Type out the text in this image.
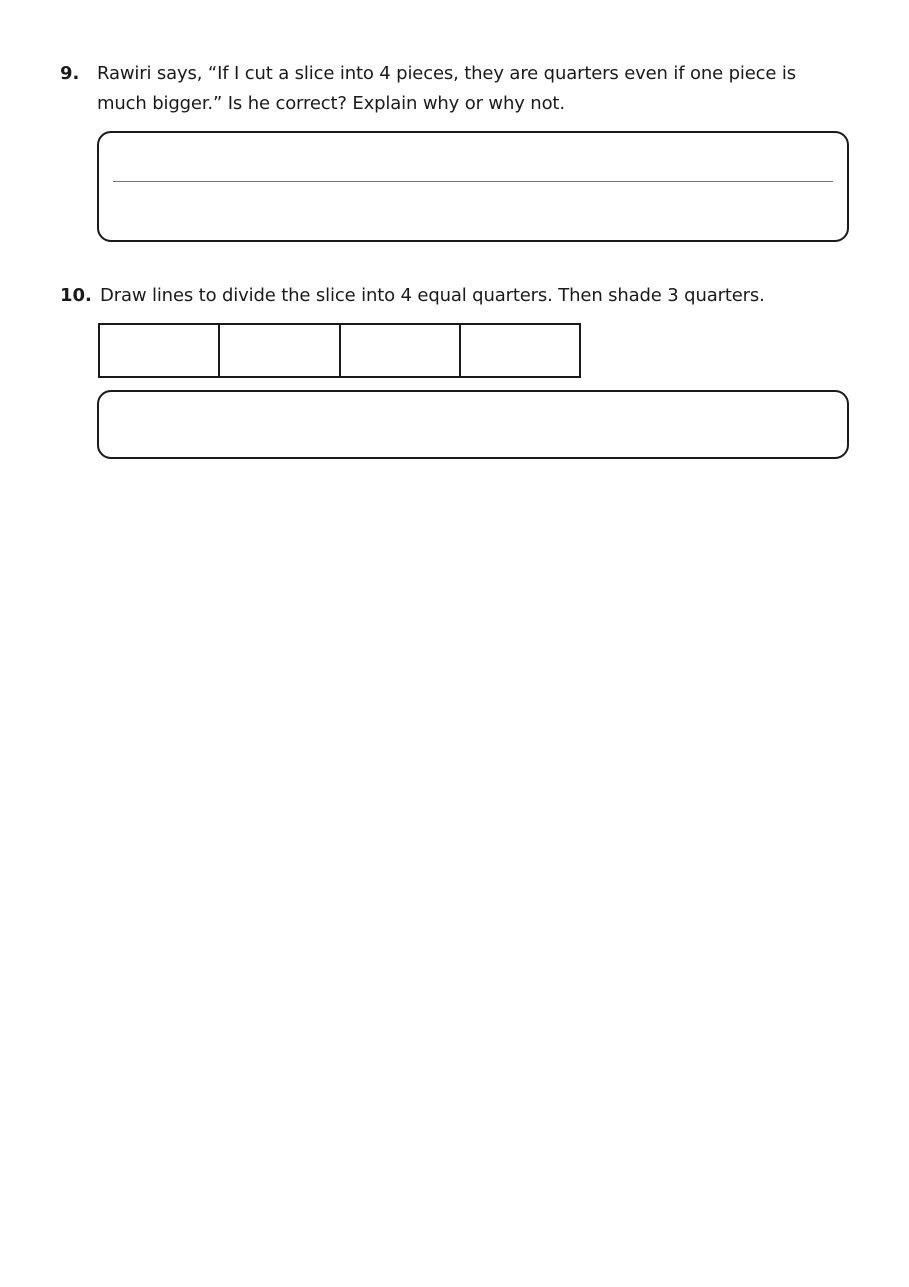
9. Rawiri says, “If I cut a slice into 4 pieces, they are quarters even if one piece is
much bigger.” Is he correct? Explain why or why not.
10. Draw lines to divide the slice into 4 equal quarters. Then shade 3 quarters.
